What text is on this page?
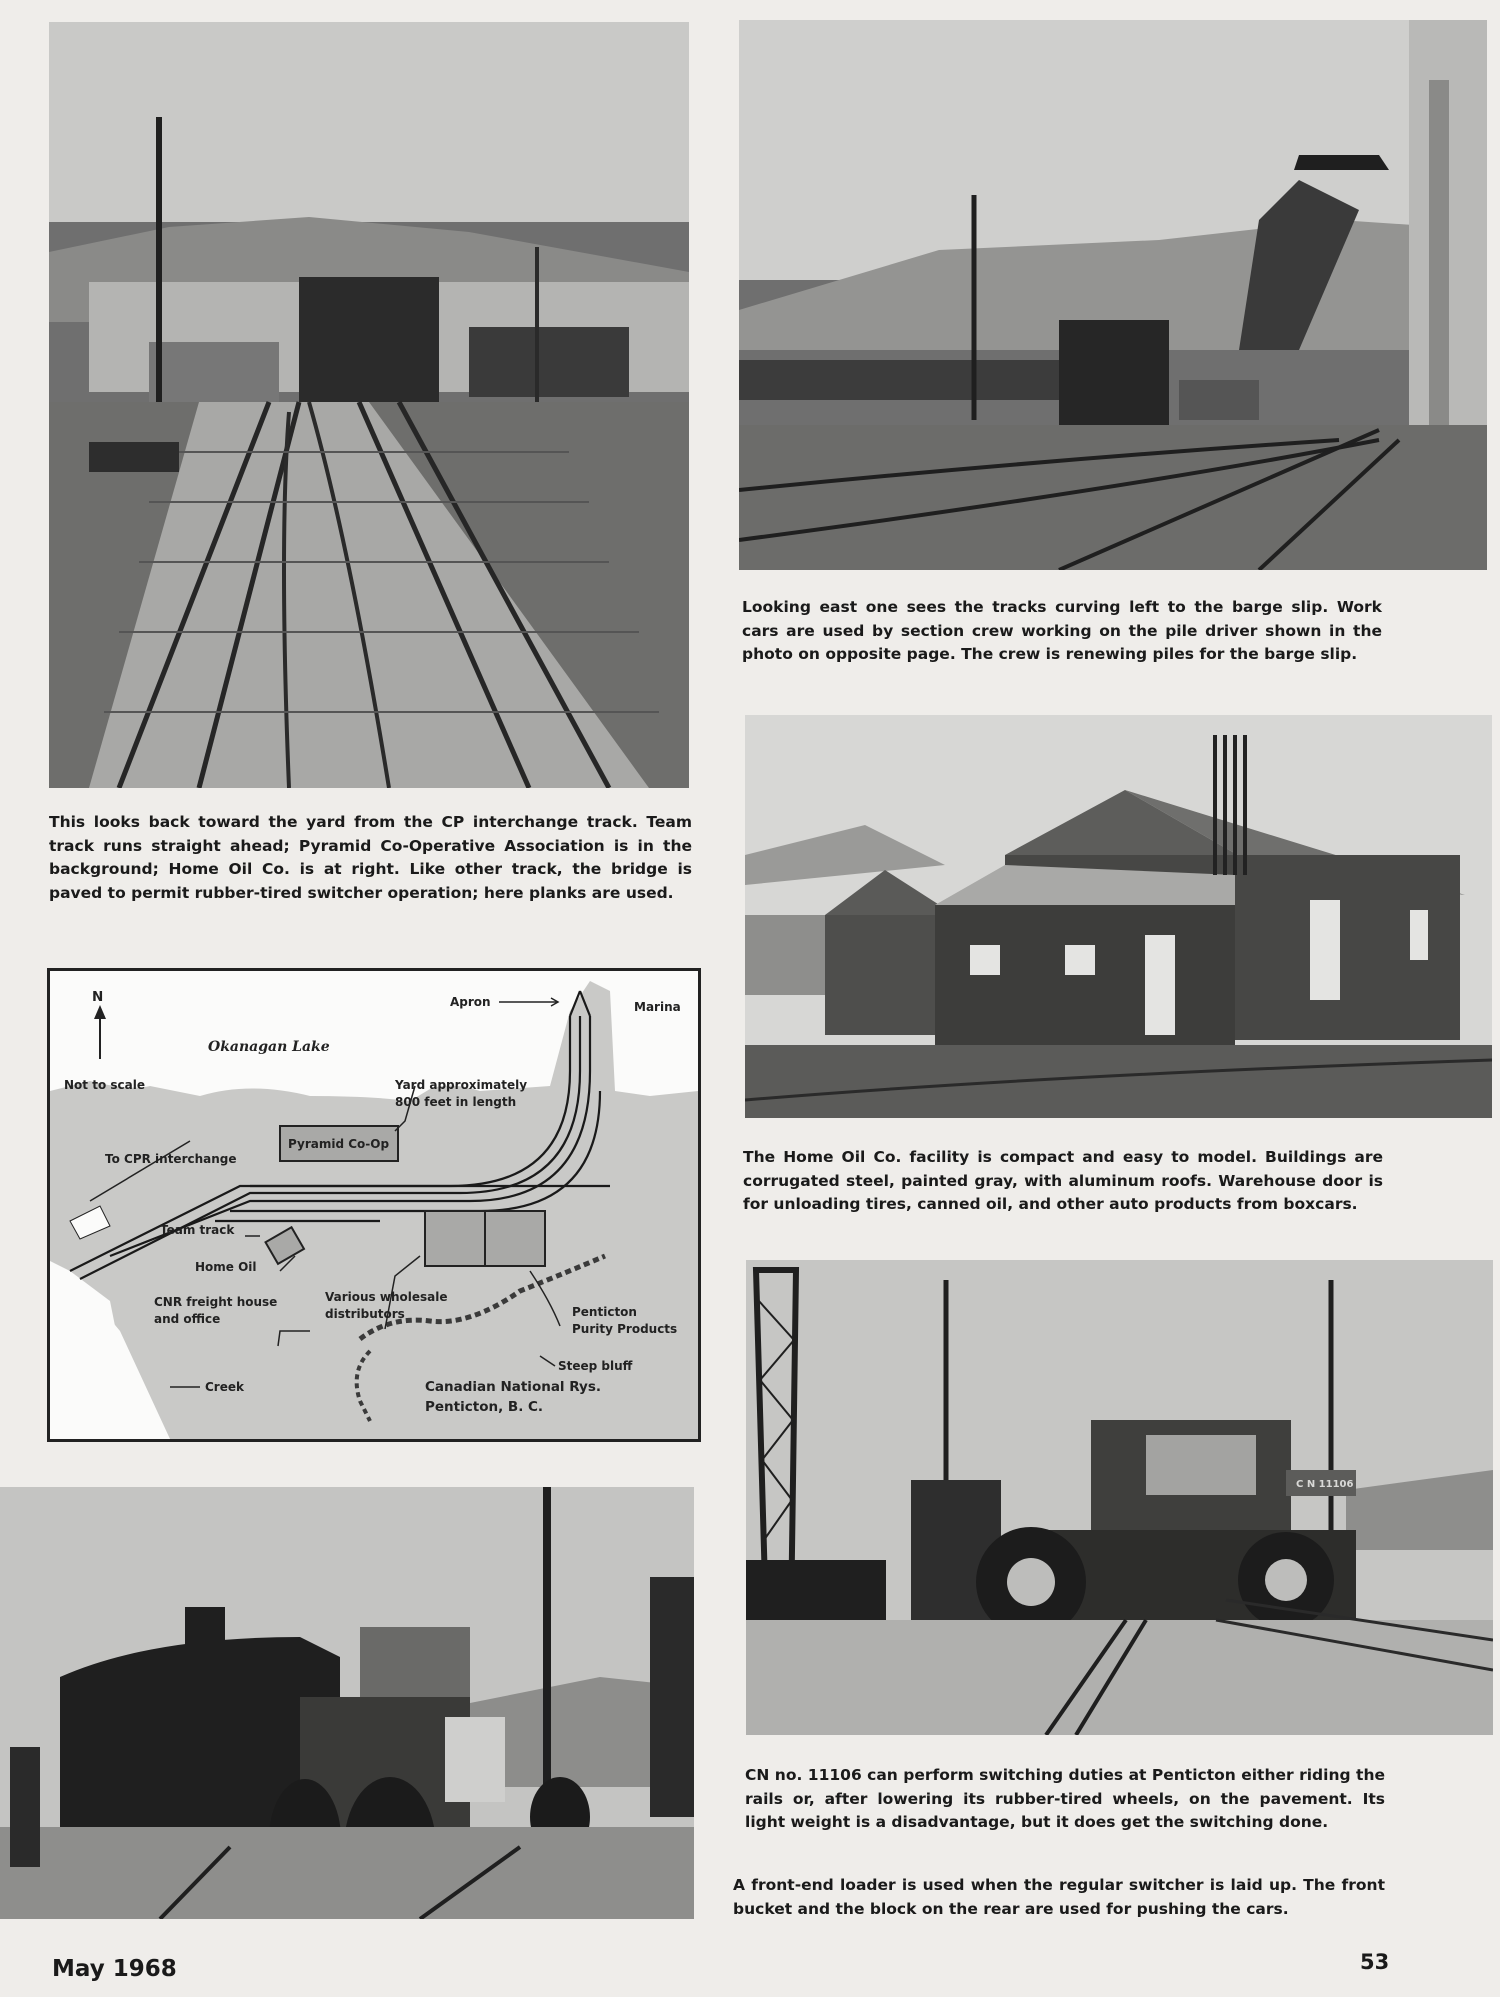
C N 11106
This looks back toward the yard from the CP interchange track. Team track runs straight ahead; Pyramid Co-Operative Association is in the background; Home Oil Co. is at right. Like other track, the bridge is paved to permit rubber-tired switcher operation; here planks are used.
Looking east one sees the tracks curving left to the barge slip. Work cars are used by section crew working on the pile driver shown in the photo on opposite page. The crew is renewing piles for the barge slip.
The Home Oil Co. facility is compact and easy to model. Buildings are corrugated steel, painted gray, with aluminum roofs. Warehouse door is for unloading tires, canned oil, and other auto products from boxcars.
CN no. 11106 can perform switching duties at Penticton either riding the rails or, after lowering its rubber-tired wheels, on the pavement. Its light weight is a disadvantage, but it does get the switching done.
A front-end loader is used when the regular switcher is laid up. The front bucket and the block on the rear are used for pushing the cars.
N
Okanagan Lake
Not to scale
Apron	Marina
Yard approximately
800 feet in length
Pyramid Co-Op
To CPR interchange
Team track
Home Oil
CNR freight house
and office
Various wholesale
distributors	Penticton
Purity Products
Steep bluff
Creek	Canadian National Rys.
Penticton, B. C.
May 1968	53
